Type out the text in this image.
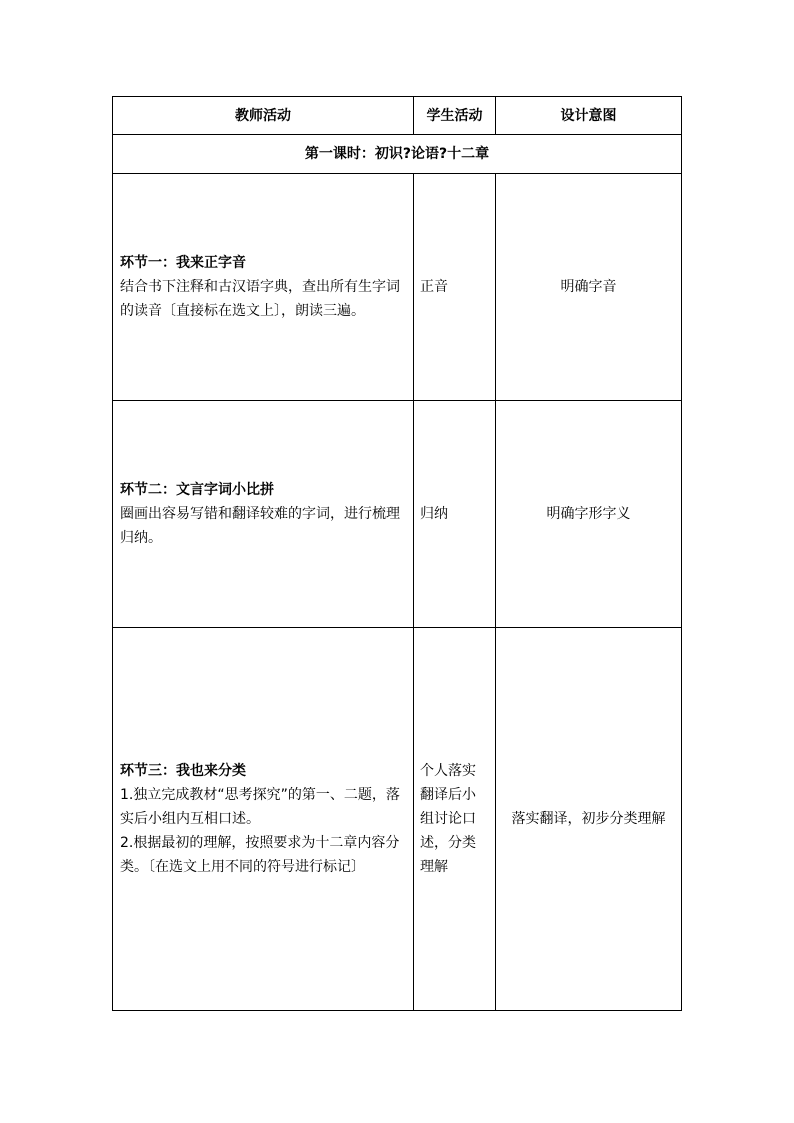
教师活动	学生活动	设计意图
第一课时：初识?论语?十二章		

环节一：我来正字音
结合书下注释和古汉语字典，查出所有生字词的读音〔直接标在选文上〕，朗读三遍。	正音	明确字音

环节二：文言字词小比拼
圈画出容易写错和翻译较难的字词，进行梳理归纳。	归纳	明确字形字义

环节三：我也来分类
1.独立完成教材“思考探究”的第一、二题，落实后小组内互相口述。
2.根据最初的理解，按照要求为十二章内容分类。〔在选文上用不同的符号进行标记〕	个人落实翻译后小组讨论口述，分类理解	落实翻译，初步分类理解
